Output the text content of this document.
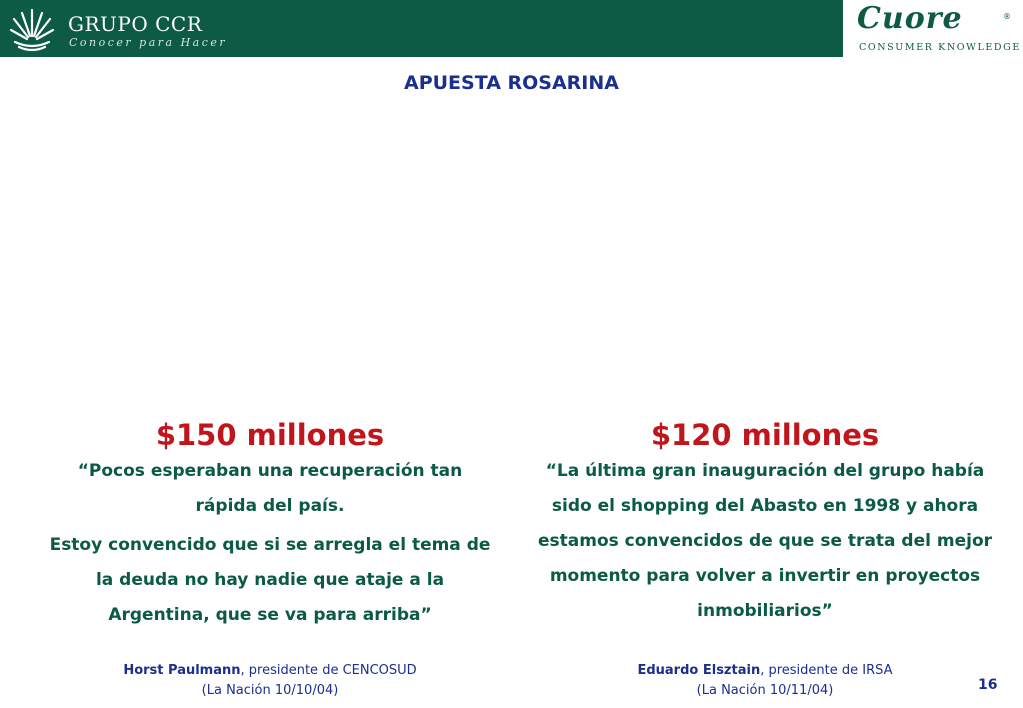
GRUPO CCR
Conocer para Hacer
Cuore	®
CONSUMER KNOWLEDGE
APUESTA ROSARINA
$150 millones

“Pocos esperaban una recuperación tan rápida del país.

Estoy convencido que si se arregla el tema de la deuda no hay nadie que ataje a la Argentina, que se va para arriba”

$120 millones

“La última gran inauguración del grupo había sido el shopping del Abasto en 1998 y ahora estamos convencidos de que se trata del mejor momento para volver a invertir en proyectos inmobiliarios”

Horst Paulmann, presidente de CENCOSUD
(La Nación 10/10/04)
Eduardo Elsztain, presidente de IRSA
(La Nación 10/11/04)	16
